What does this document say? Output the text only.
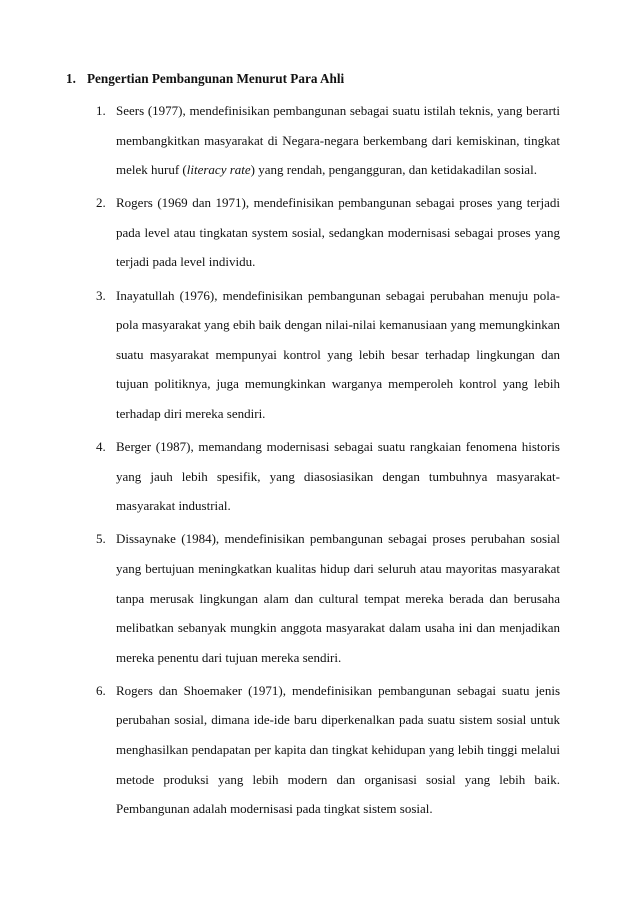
1. Pengertian Pembangunan Menurut Para Ahli
1. Seers (1977), mendefinisikan pembangunan sebagai suatu istilah teknis, yang berarti membangkitkan masyarakat di Negara-negara berkembang dari kemiskinan, tingkat melek huruf (literacy rate) yang rendah, pengangguran, dan ketidakadilan sosial.
2. Rogers (1969 dan 1971), mendefinisikan pembangunan sebagai proses yang terjadi pada level atau tingkatan system sosial, sedangkan modernisasi sebagai proses yang terjadi pada level individu.
3. Inayatullah (1976), mendefinisikan pembangunan sebagai perubahan menuju pola-pola masyarakat yang ebih baik dengan nilai-nilai kemanusiaan yang memungkinkan suatu masyarakat mempunyai kontrol yang lebih besar terhadap lingkungan dan tujuan politiknya, juga memungkinkan warganya memperoleh kontrol yang lebih terhadap diri mereka sendiri.
4. Berger (1987), memandang modernisasi sebagai suatu rangkaian fenomena historis yang jauh lebih spesifik, yang diasosiasikan dengan tumbuhnya masyarakat-masyarakat industrial.
5. Dissaynake (1984), mendefinisikan pembangunan sebagai proses perubahan sosial yang bertujuan meningkatkan kualitas hidup dari seluruh atau mayoritas masyarakat tanpa merusak lingkungan alam dan cultural tempat mereka berada dan berusaha melibatkan sebanyak mungkin anggota masyarakat dalam usaha ini dan menjadikan mereka penentu dari tujuan mereka sendiri.
6. Rogers dan Shoemaker (1971), mendefinisikan pembangunan sebagai suatu jenis perubahan sosial, dimana ide-ide baru diperkenalkan pada suatu sistem sosial untuk menghasilkan pendapatan per kapita dan tingkat kehidupan yang lebih tinggi melalui metode produksi yang lebih modern dan organisasi sosial yang lebih baik. Pembangunan adalah modernisasi pada tingkat sistem sosial.
